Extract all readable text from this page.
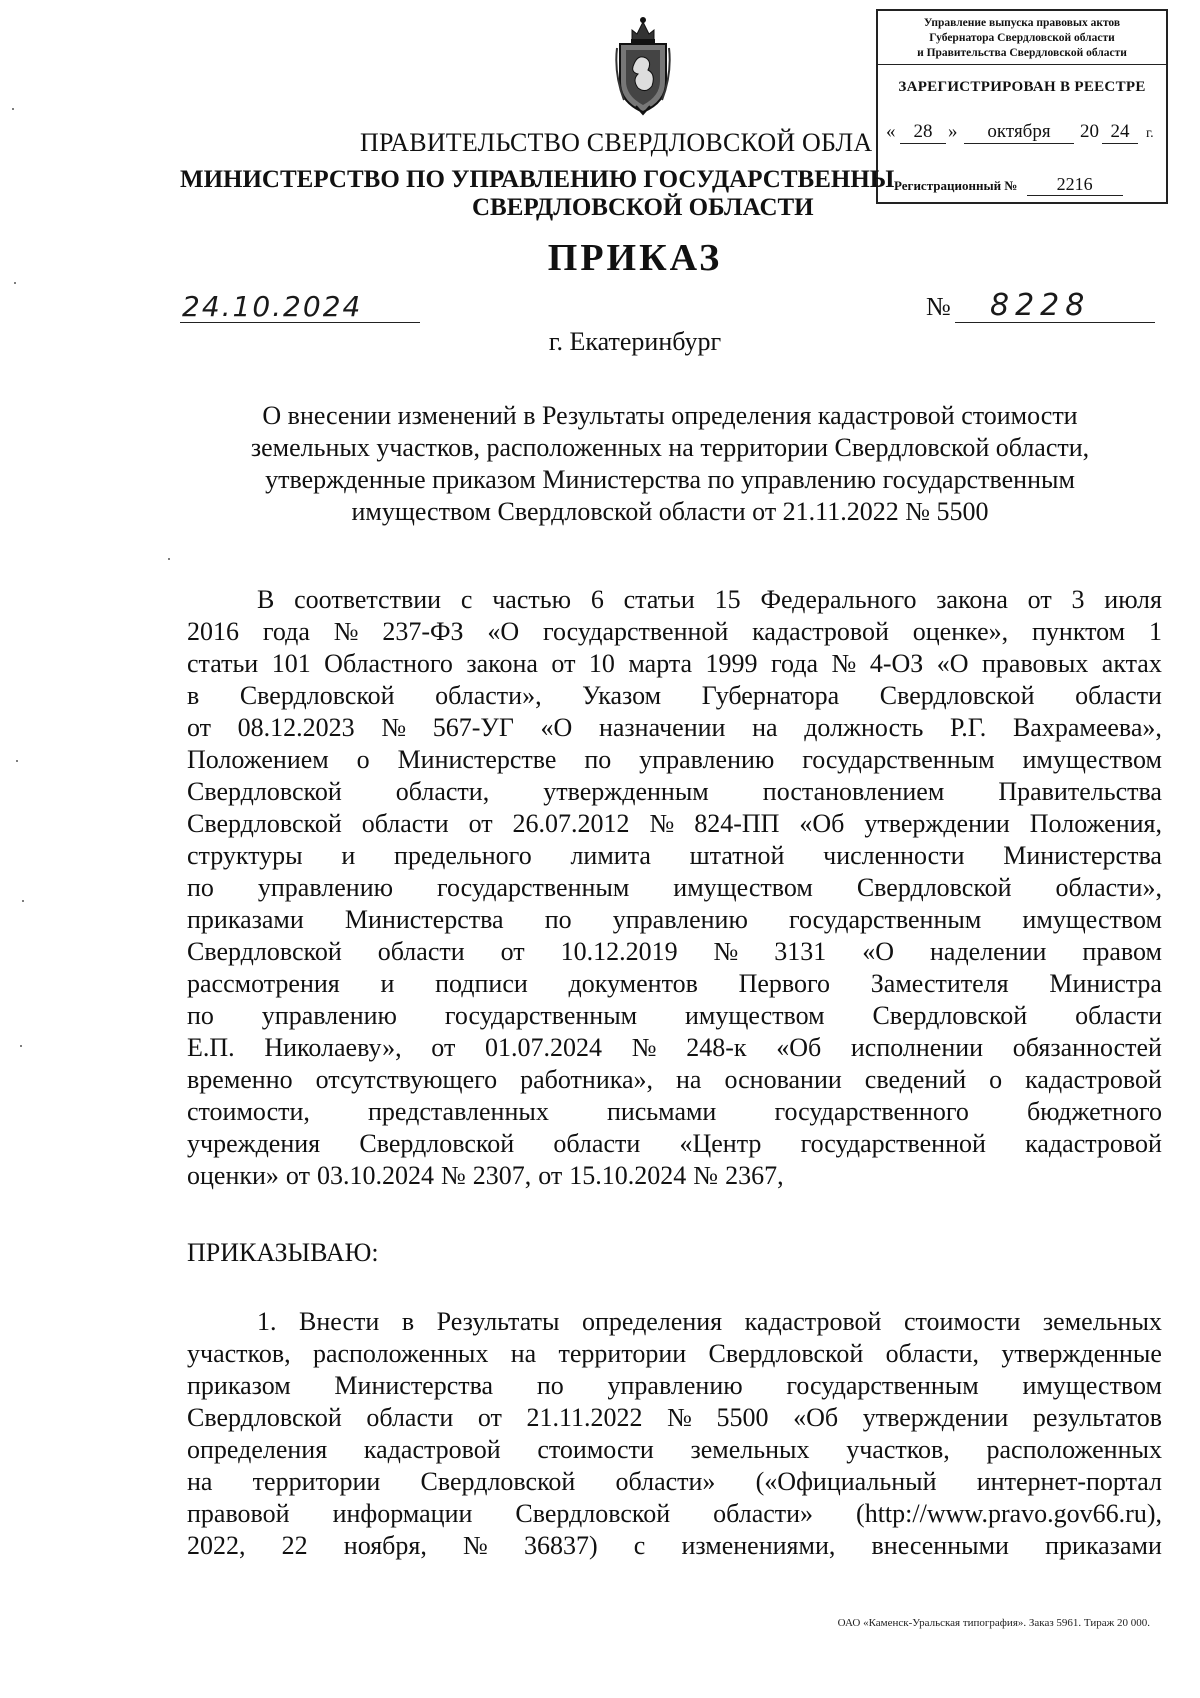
Управление выпуска правовых актов
Губернатора Свердловской области
и Правительства Свердловской области
ЗАРЕГИСТРИРОВАН В РЕЕСТРЕ
« 28 »	октября	20 24	г.
Регистрационный № 2216
ПРАВИТЕЛЬСТВО СВЕРДЛОВСКОЙ ОБЛА
МИНИСТЕРСТВО ПО УПРАВЛЕНИЮ ГОСУДАРСТВЕННЫ
СВЕРДЛОВСКОЙ ОБЛАСТИ
ПРИКАЗ
24.10.2024	№ 8228
г. Екатеринбург
О внесении изменений в Результаты определения кадастровой стоимости
земельных участков, расположенных на территории Свердловской области,
утвержденные приказом Министерства по управлению государственным
имуществом Свердловской области от 21.11.2022 № 5500
В соответствии с частью 6 статьи 15 Федерального закона от 3 июля
2016 года № 237-ФЗ «О государственной кадастровой оценке», пунктом 1
статьи 101 Областного закона от 10 марта 1999 года № 4-ОЗ «О правовых актах
в Свердловской области», Указом Губернатора Свердловской области
от 08.12.2023 № 567-УГ «О назначении на должность Р.Г. Вахрамеева»,
Положением о Министерстве по управлению государственным имуществом
Свердловской области, утвержденным постановлением Правительства
Свердловской области от 26.07.2012 № 824-ПП «Об утверждении Положения,
структуры и предельного лимита штатной численности Министерства
по управлению государственным имуществом Свердловской области»,
приказами Министерства по управлению государственным имуществом
Свердловской области от 10.12.2019 № 3131 «О наделении правом
рассмотрения и подписи документов Первого Заместителя Министра
по управлению государственным имуществом Свердловской области
Е.П. Николаеву», от 01.07.2024 № 248-к «Об исполнении обязанностей
временно отсутствующего работника», на основании сведений о кадастровой
стоимости, представленных письмами государственного бюджетного
учреждения Свердловской области «Центр государственной кадастровой
оценки» от 03.10.2024 № 2307, от 15.10.2024 № 2367,
ПРИКАЗЫВАЮ:
1. Внести в Результаты определения кадастровой стоимости земельных
участков, расположенных на территории Свердловской области, утвержденные
приказом Министерства по управлению государственным имуществом
Свердловской области от 21.11.2022 № 5500 «Об утверждении результатов
определения кадастровой стоимости земельных участков, расположенных
на территории Свердловской области» («Официальный интернет-портал
правовой информации Свердловской области» (http://www.pravo.gov66.ru),
2022, 22 ноября, № 36837) с изменениями, внесенными приказами
ОАО «Каменск-Уральская типография». Заказ 5961. Тираж 20 000.
